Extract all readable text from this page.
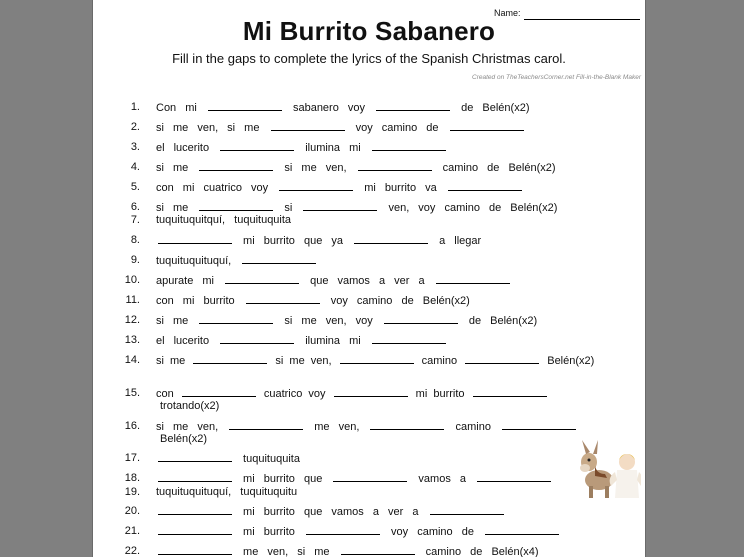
Name:
Mi Burrito Sabanero
Fill in the gaps to complete the lyrics of the Spanish Christmas carol.
Created on TheTeachersCorner.net Fill-in-the-Blank Maker
1. Con mi	sabanero voy	de Belén(x2)
2. si me ven, si me	voy camino de
3. el lucerito	ilumina mi
4. si me	si me ven,	camino de Belén(x2)
5. con mi cuatrico voy	mi burrito va
6. si me	si	ven, voy camino de Belén(x2)
7. tuquituquitquí, tuquituquita
8.	mi burrito que ya	a llegar
9. tuquituquituquí,
10. apurate mi	que vamos a ver a
11. con mi burrito	voy camino de Belén(x2)
12. si me	si me ven, voy	de Belén(x2)
13. el lucerito	ilumina mi
14. si me	si me ven,	camino	Belén(x2)
15. con	cuatrico voy	mi burrito
trotando(x2)
16. si me ven,	me ven,	camino
Belén(x2)
17.	tuquituquita
18.	mi burrito que	vamos a
19. tuquituquituquí, tuquituquitu
20.	mi burrito que vamos a ver a
21.	mi burrito	voy camino de
22.	me ven, si me	camino de Belén(x4)
